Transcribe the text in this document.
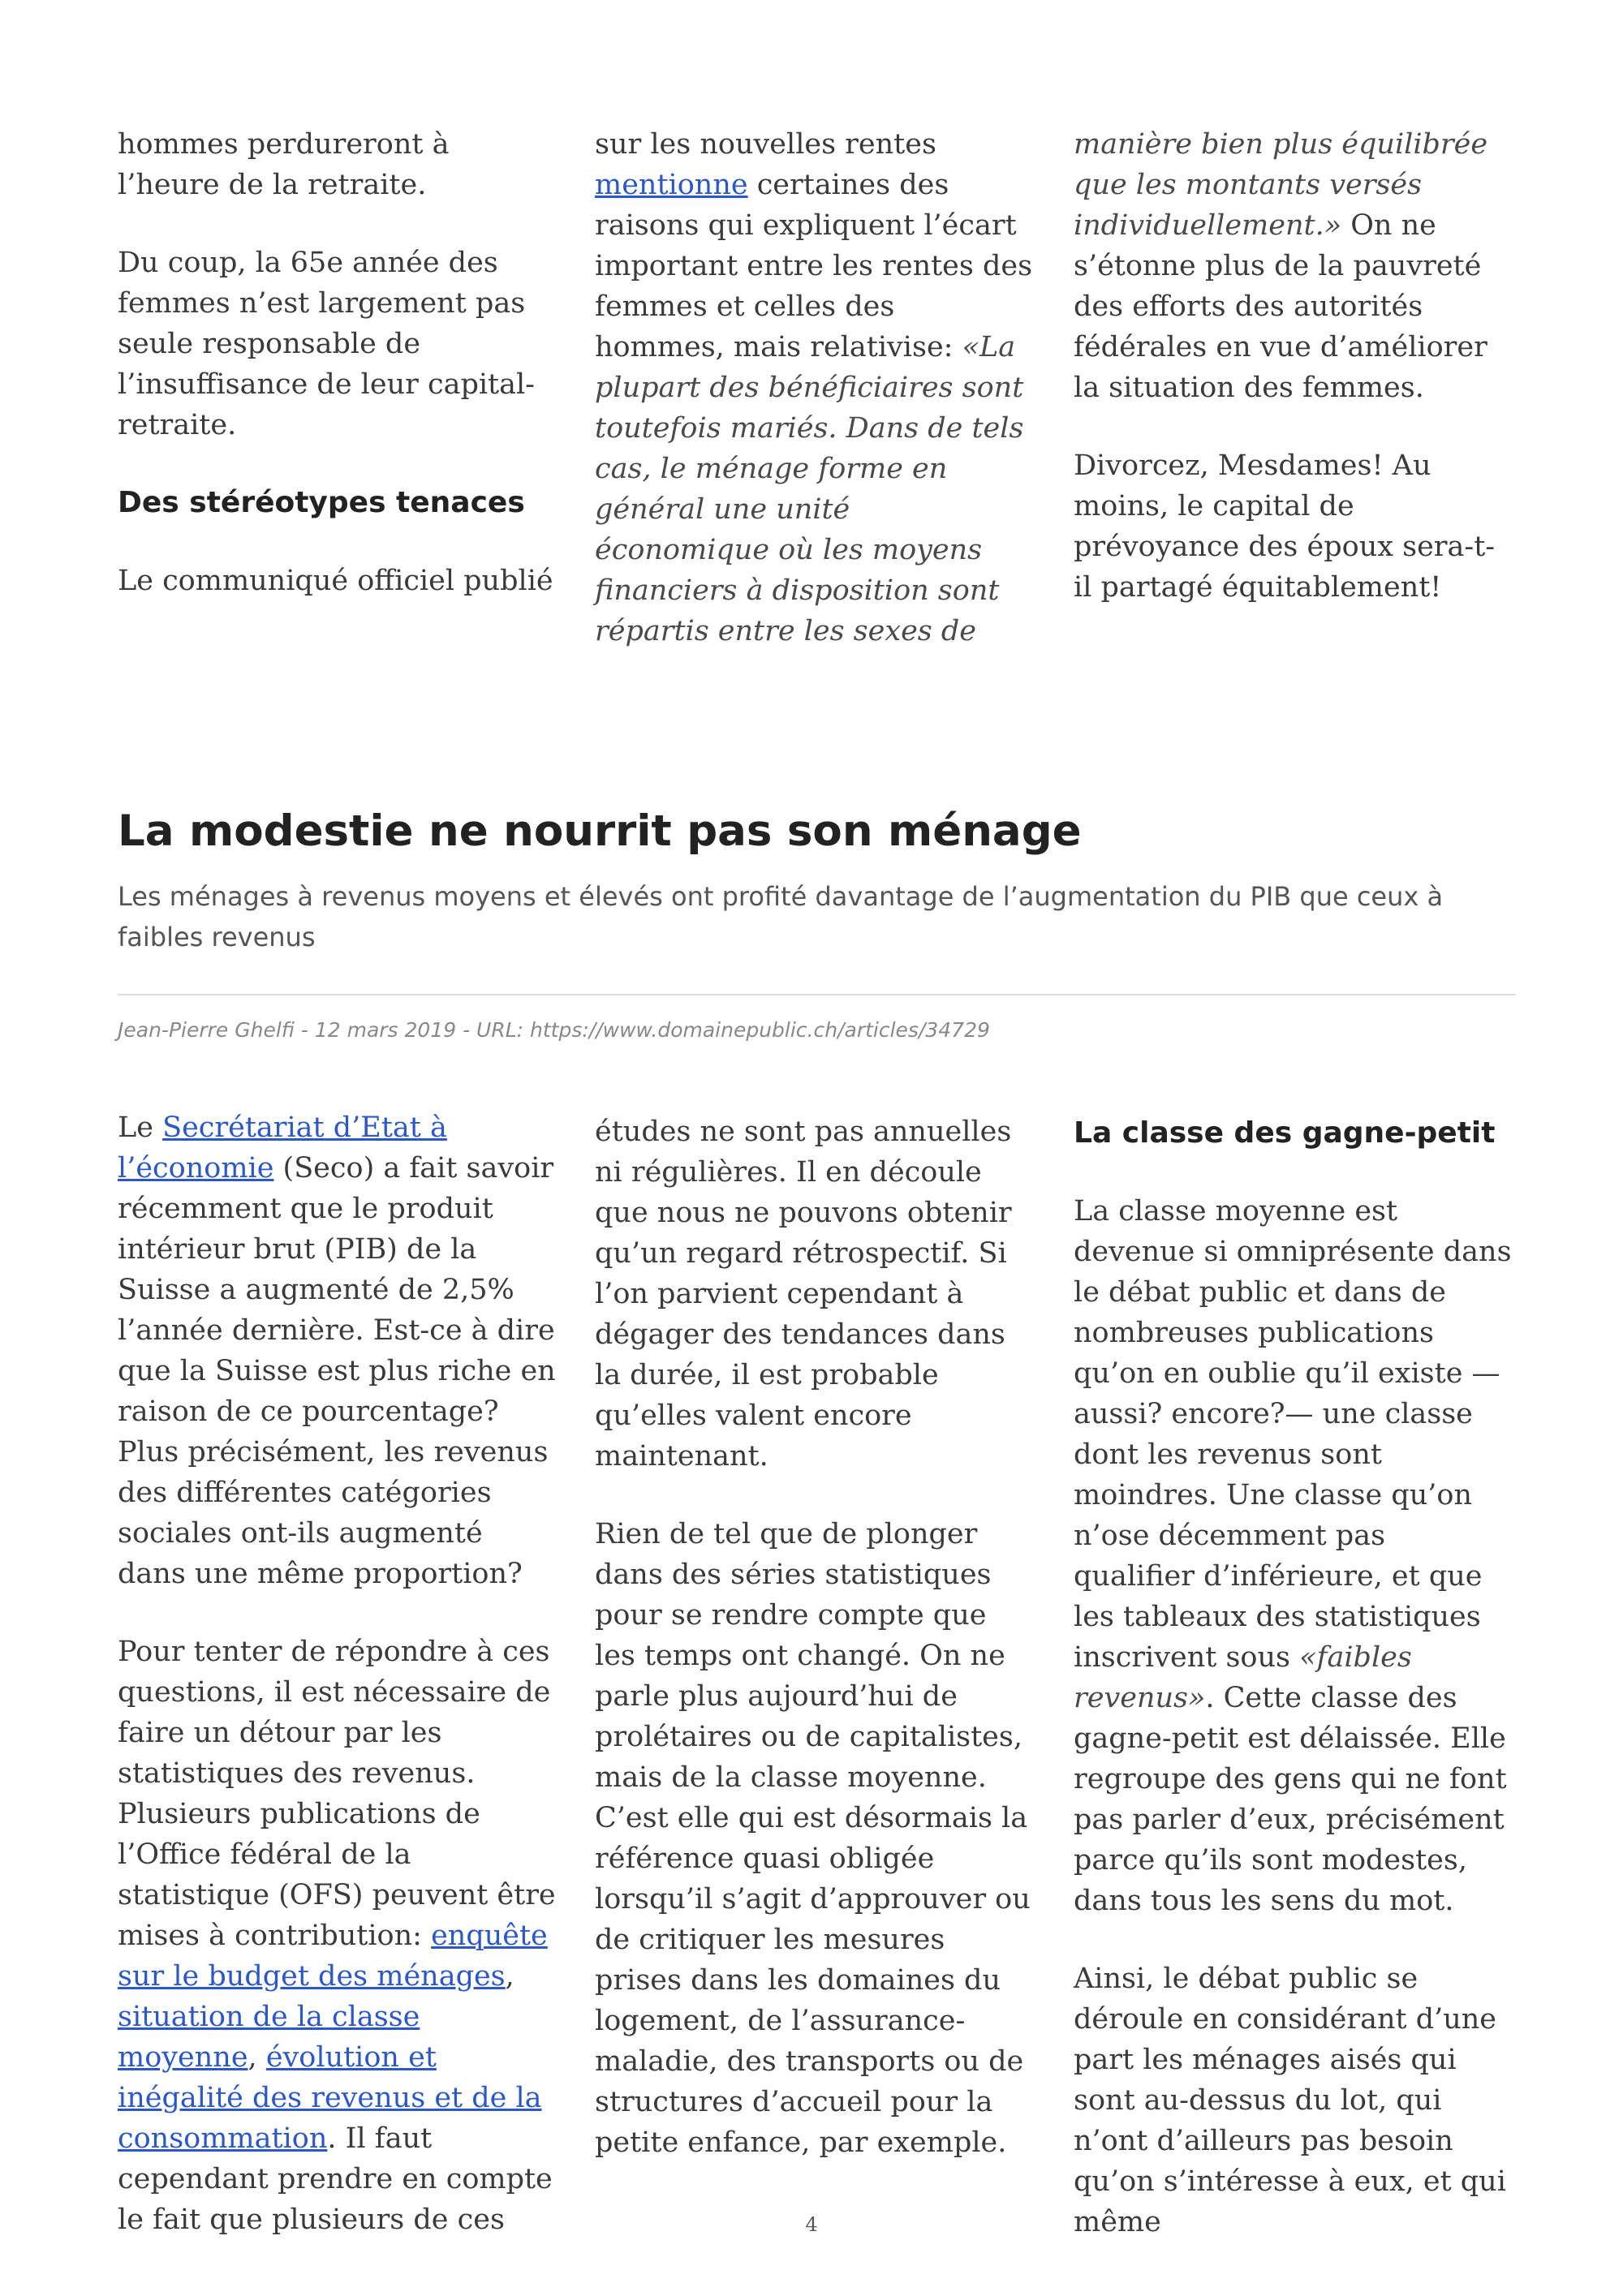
hommes perdureront à l’heure de la retraite.

Du coup, la 65e année des femmes n’est largement pas seule responsable de l’insuffisance de leur capital-retraite.

Des stéréotypes tenaces

Le communiqué officiel publié

sur les nouvelles rentes mentionne certaines des raisons qui expliquent l’écart important entre les rentes des femmes et celles des hommes, mais relativise: «La plupart des bénéficiaires sont toutefois mariés. Dans de tels cas, le ménage forme en général une unité économique où les moyens financiers à disposition sont répartis entre les sexes de

manière bien plus équilibrée que les montants versés individuellement.» On ne s’étonne plus de la pauvreté des efforts des autorités fédérales en vue d’améliorer la situation des femmes.

Divorcez, Mesdames! Au moins, le capital de prévoyance des époux sera-t-il partagé équitablement!

La modestie ne nourrit pas son ménage

Les ménages à revenus moyens et élevés ont profité davantage de l’augmentation du PIB que ceux à faibles revenus

Jean-Pierre Ghelfi - 12 mars 2019 - URL: https://www.domainepublic.ch/articles/34729

Le Secrétariat d’Etat à l’économie (Seco) a fait savoir récemment que le produit intérieur brut (PIB) de la Suisse a augmenté de 2,5% l’année dernière. Est-ce à dire que la Suisse est plus riche en raison de ce pourcentage? Plus précisément, les revenus des différentes catégories sociales ont-ils augmenté dans une même proportion?

Pour tenter de répondre à ces questions, il est nécessaire de faire un détour par les statistiques des revenus. Plusieurs publications de l’Office fédéral de la statistique (OFS) peuvent être mises à contribution: enquête sur le budget des ménages, situation de la classe moyenne, évolution et inégalité des revenus et de la consommation. Il faut cependant prendre en compte le fait que plusieurs de ces

études ne sont pas annuelles ni régulières. Il en découle que nous ne pouvons obtenir qu’un regard rétrospectif. Si l’on parvient cependant à dégager des tendances dans la durée, il est probable qu’elles valent encore maintenant.

Rien de tel que de plonger dans des séries statistiques pour se rendre compte que les temps ont changé. On ne parle plus aujourd’hui de prolétaires ou de capitalistes, mais de la classe moyenne. C’est elle qui est désormais la référence quasi obligée lorsqu’il s’agit d’approuver ou de critiquer les mesures prises dans les domaines du logement, de l’assurance-maladie, des transports ou de structures d’accueil pour la petite enfance, par exemple.

La classe des gagne-petit

La classe moyenne est devenue si omniprésente dans le débat public et dans de nombreuses publications qu’on en oublie qu’il existe — aussi? encore?— une classe dont les revenus sont moindres. Une classe qu’on n’ose décemment pas qualifier d’inférieure, et que les tableaux des statistiques inscrivent sous «faibles revenus». Cette classe des gagne-petit est délaissée. Elle regroupe des gens qui ne font pas parler d’eux, précisément parce qu’ils sont modestes, dans tous les sens du mot.

Ainsi, le débat public se déroule en considérant d’une part les ménages aisés qui sont au-dessus du lot, qui n’ont d’ailleurs pas besoin qu’on s’intéresse à eux, et qui même

4
